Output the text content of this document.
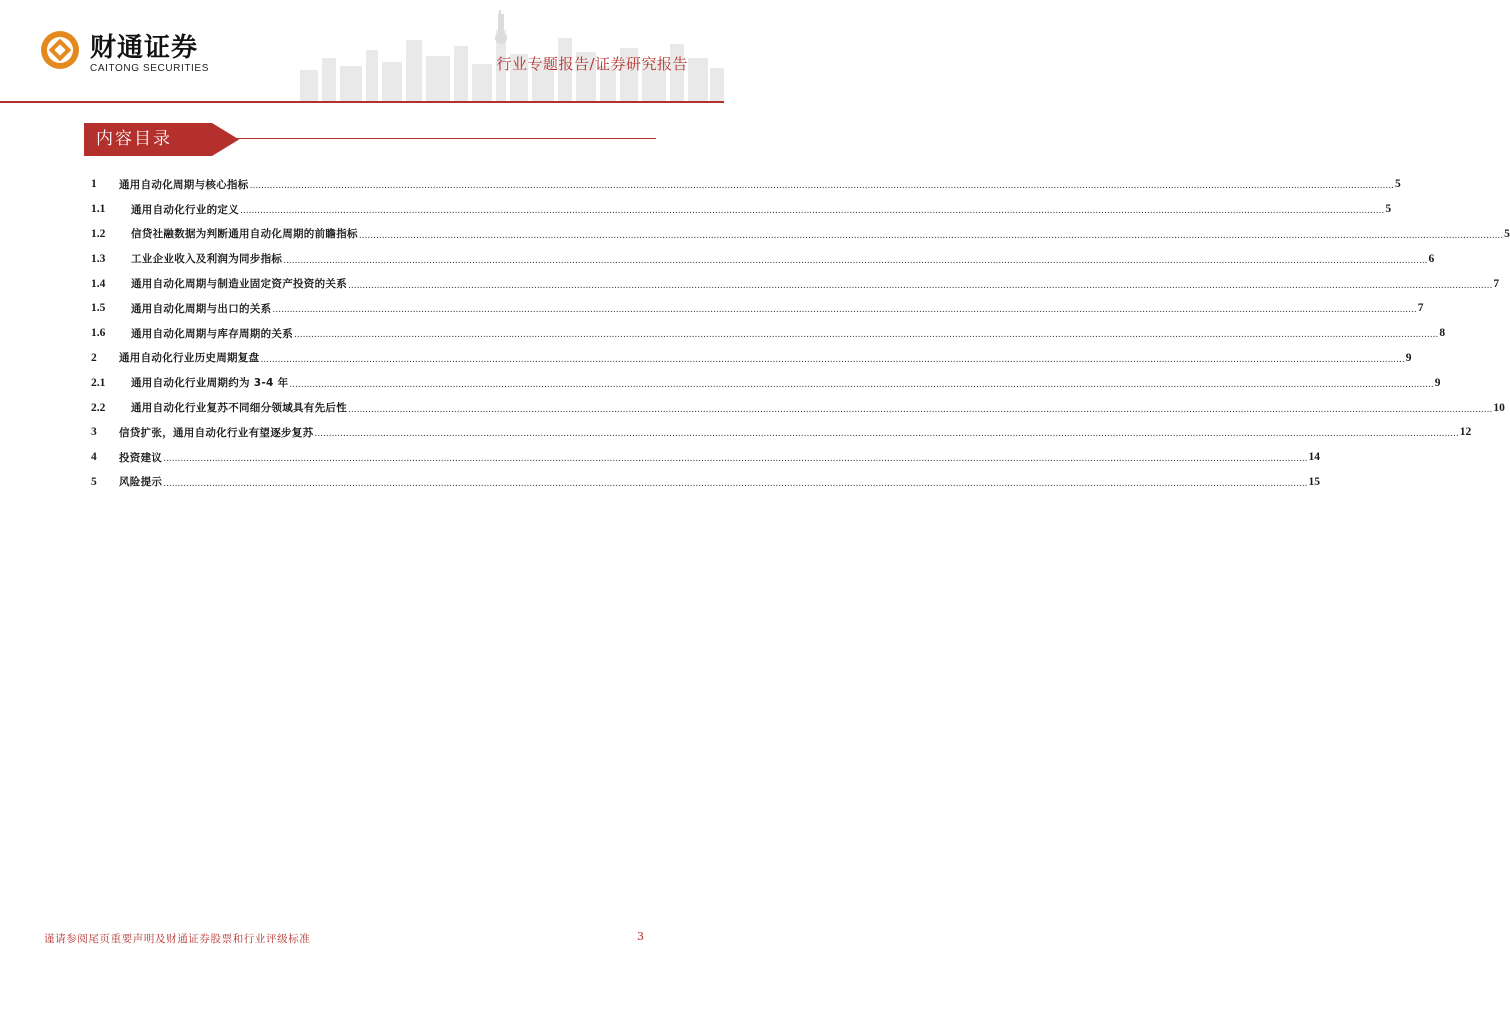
财通证券
CAITONG SECURITIES	行业专题报告/证券研究报告
内容目录
1	通用自动化周期与核心指标 ................................................................................................................................................................................................................................................................................................................................................................................................................ 5
1.1	通用自动化行业的定义 ................................................................................................................................................................................................................................................................................................................................................................................................................ 5
1.2	信贷社融数据为判断通用自动化周期的前瞻指标 ................................................................................................................................................................................................................................................................................................................................................................................................................ 5
1.3	工业企业收入及利润为同步指标 ................................................................................................................................................................................................................................................................................................................................................................................................................ 6
1.4	通用自动化周期与制造业固定资产投资的关系 ................................................................................................................................................................................................................................................................................................................................................................................................................ 7
1.5	通用自动化周期与出口的关系 ................................................................................................................................................................................................................................................................................................................................................................................................................ 7
1.6	通用自动化周期与库存周期的关系 ................................................................................................................................................................................................................................................................................................................................................................................................................ 8
2	通用自动化行业历史周期复盘 ................................................................................................................................................................................................................................................................................................................................................................................................................ 9
2.1	通用自动化行业周期约为 3-4 年 ................................................................................................................................................................................................................................................................................................................................................................................................................ 9
2.2	通用自动化行业复苏不同细分领域具有先后性 ................................................................................................................................................................................................................................................................................................................................................................................................................ 10
3	信贷扩张，通用自动化行业有望逐步复苏 ................................................................................................................................................................................................................................................................................................................................................................................................................ 12
4	投资建议 ................................................................................................................................................................................................................................................................................................................................................................................................................ 14
5	风险提示 ................................................................................................................................................................................................................................................................................................................................................................................................................ 15
谨请参阅尾页重要声明及财通证券股票和行业评级标准	3
